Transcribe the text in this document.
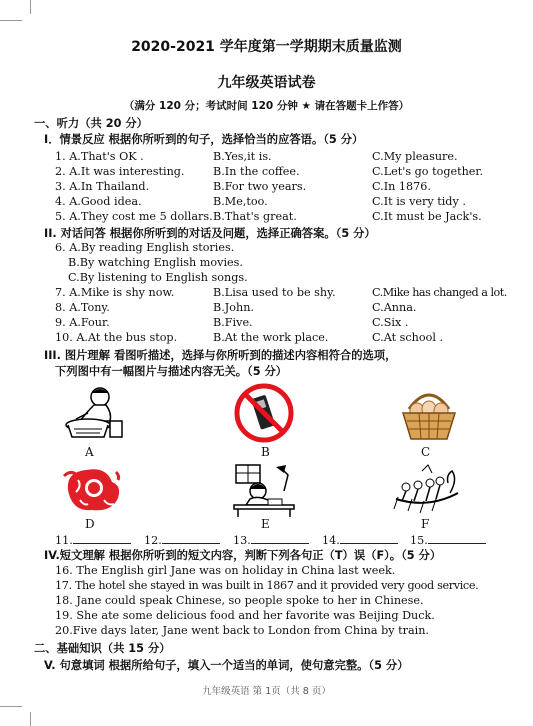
2020-2021 学年度第一学期期末质量监测
九年级英语试卷
（满分 120 分；考试时间 120 分钟 ★ 请在答题卡上作答）
一、听力（共 20 分）
I．情景反应 根据你所听到的句子，选择恰当的应答语。（5 分）
1. A.That's OK .	B.Yes,it is.	C.My pleasure.
2. A.It was interesting.	B.In the coffee.	C.Let's go together.
3. A.In Thailand.	B.For two years.	C.In 1876.
4. A.Good idea.	B.Me,too.	C.It is very tidy .
5. A.They cost me 5 dollars. B.That's great.	C.It must be Jack's.
II. 对话问答 根据你所听到的对话及问题，选择正确答案。（5 分）
6. A.By reading English stories.
B.By watching English movies.
C.By listening to English songs.
7. A.Mike is shy now.	B.Lisa used to be shy.	C.Mike has changed a lot.
8. A.Tony.	B.John.	C.Anna.
9. A.Four.	B.Five.	C.Six .
10. A.At the bus stop.	B.At the work place.	C.At school .
III. 图片理解 看图听描述，选择与你所听到的描述内容相符合的选项，
下列图中有一幅图片与描述内容无关。（5 分）
A	B	C
D	E	F
11.	12.	13.	14.	15.
IV.短文理解 根据你所听到的短文内容，判断下列各句正（T）误（F）。（5 分）
16. The English girl Jane was on holiday in China last week.
17. The hotel she stayed in was built in 1867 and it provided very good service.
18. Jane could speak Chinese, so people spoke to her in Chinese.
19. She ate some delicious food and her favorite was Beijing Duck.
20.Five days later, Jane went back to London from China by train.
二、基础知识（共 15 分）
V. 句意填词 根据所给句子，填入一个适当的单词，使句意完整。（5 分）
九年级英语 第 1页（共 8 页）
